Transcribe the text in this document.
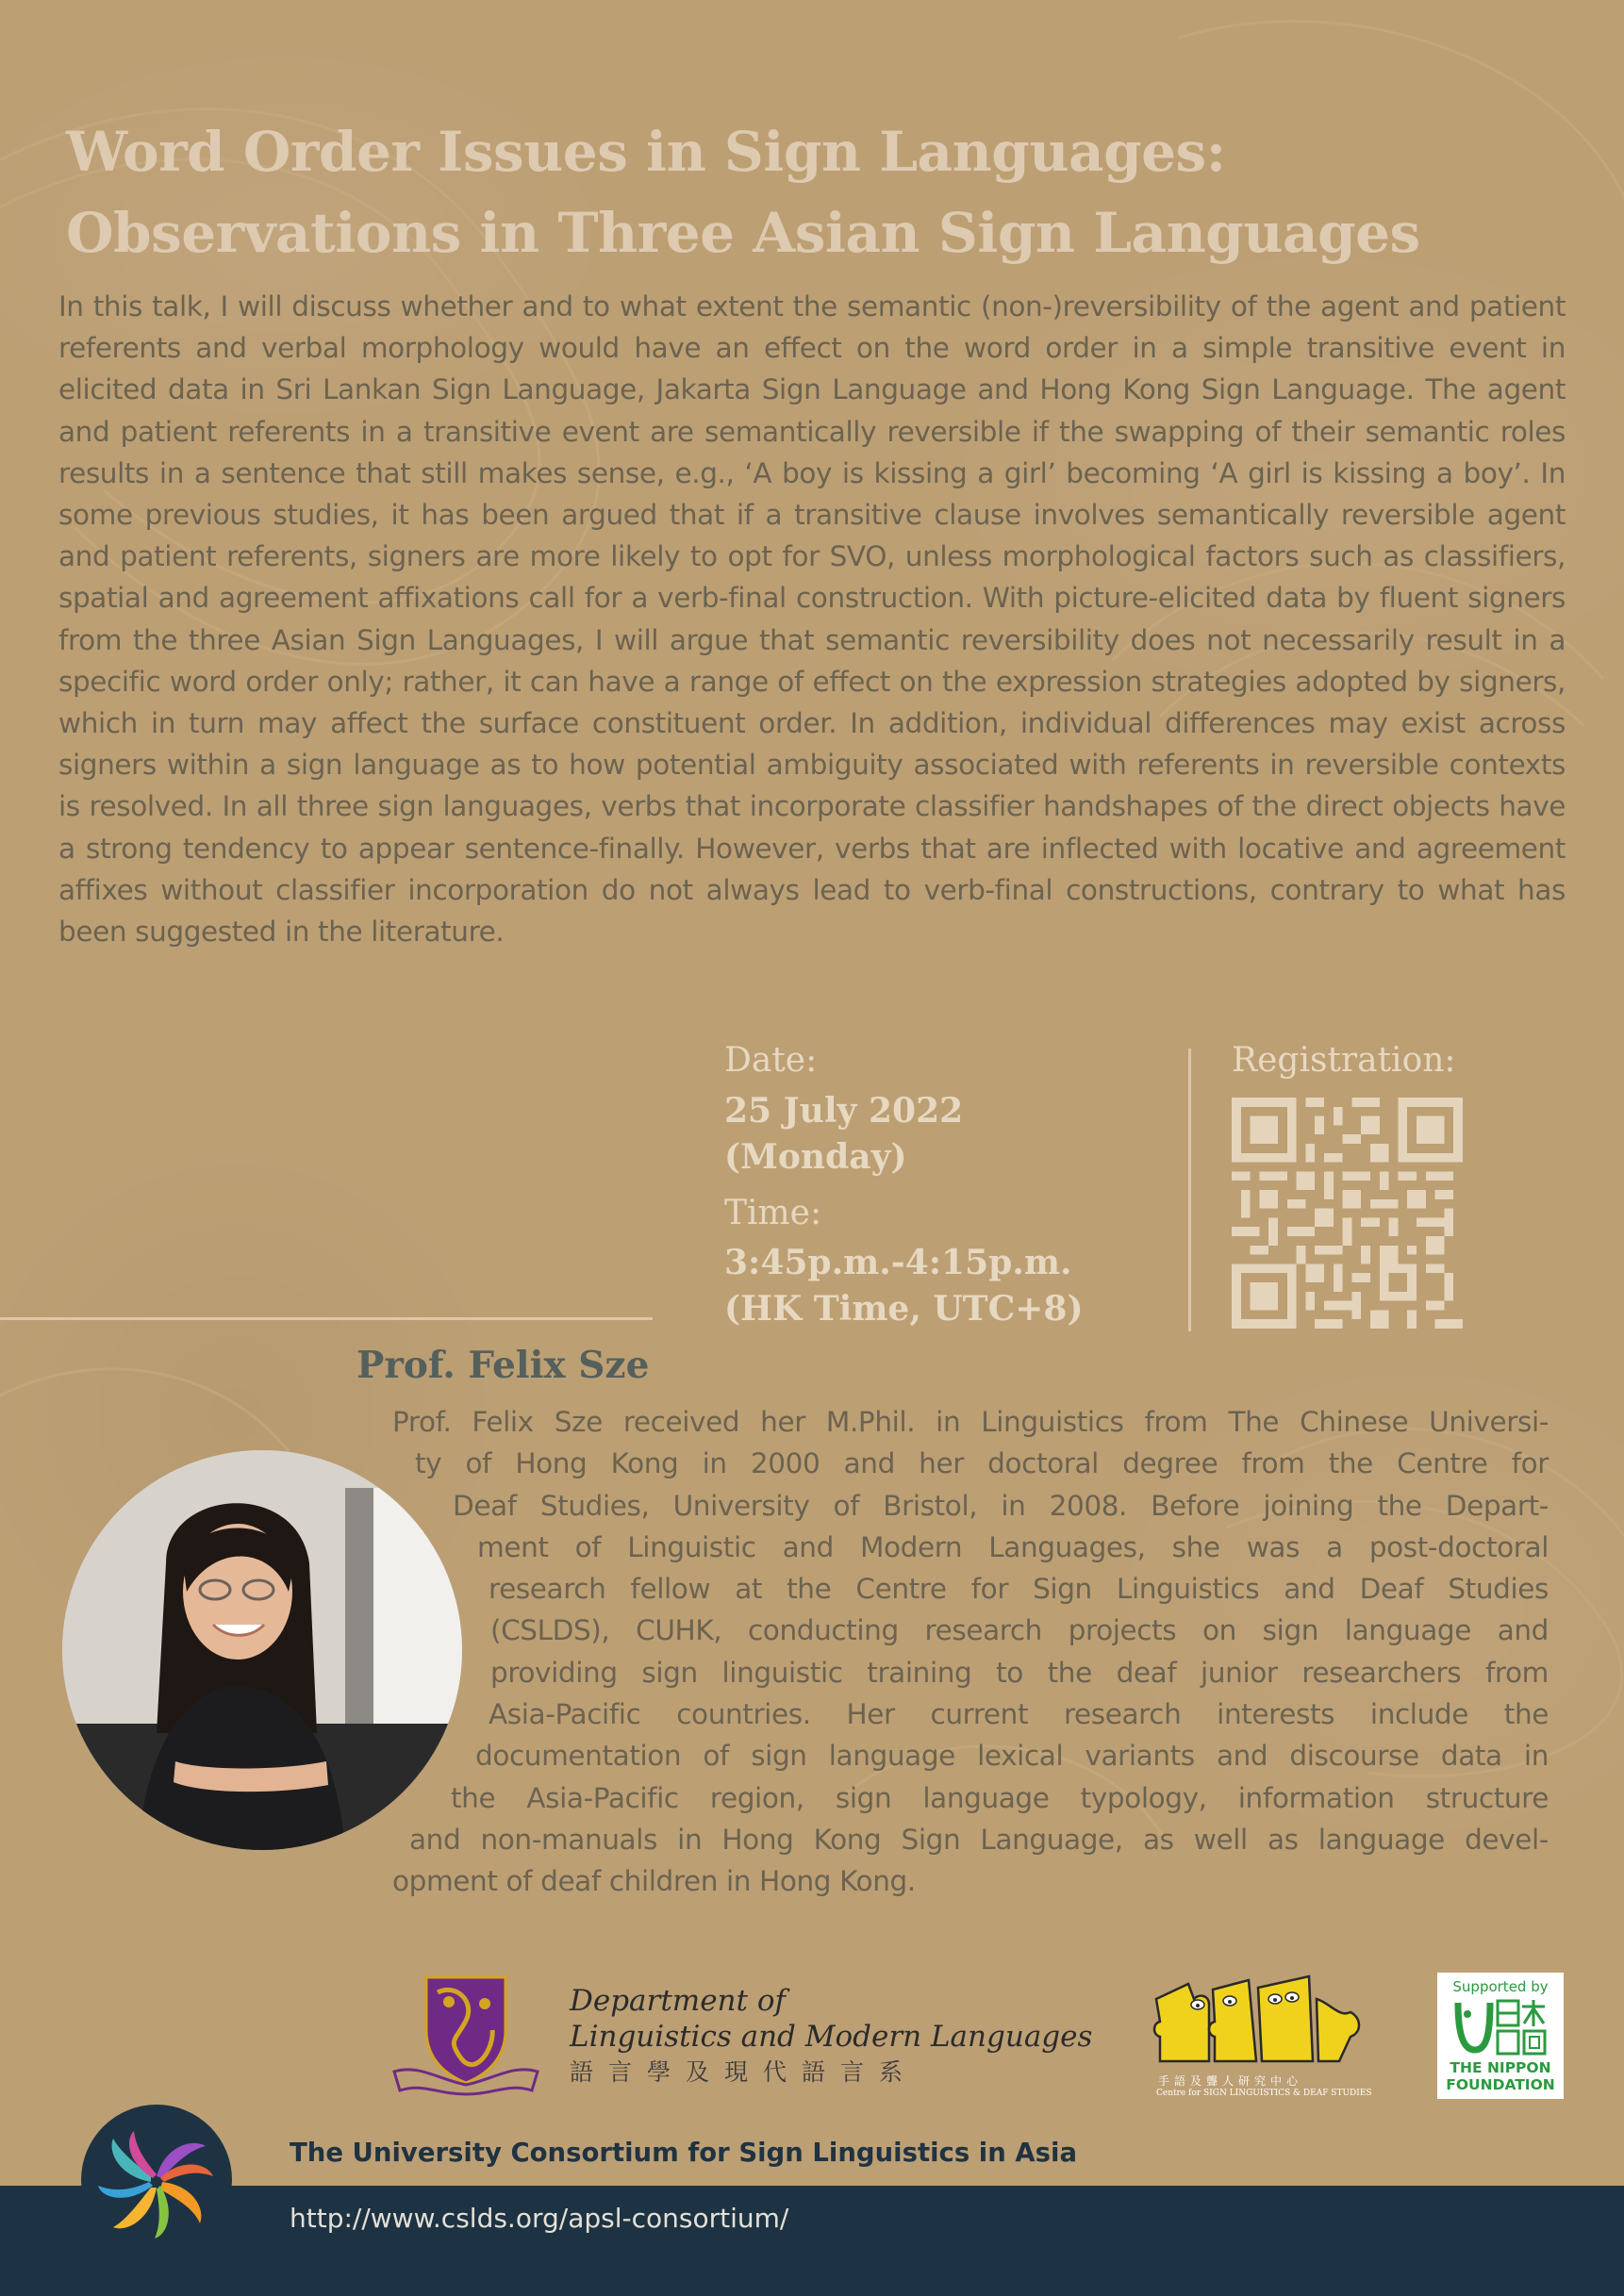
Word Order Issues in Sign Languages:
Observations in Three Asian Sign Languages

In this talk, I will discuss whether and to what extent the semantic (non-)reversibility of the agent and patient referents and verbal morphology would have an effect on the word order in a simple transitive event in elicited data in Sri Lankan Sign Language, Jakarta Sign Language and Hong Kong Sign Language. The agent and patient referents in a transitive event are semantically reversible if the swapping of their semantic roles results in a sentence that still makes sense, e.g., ‘A boy is kissing a girl’ becoming ‘A girl is kissing a boy’. In some previous studies, it has been argued that if a transitive clause involves semantically reversible agent and patient referents, signers are more likely to opt for SVO, unless morphological factors such as classifiers, spatial and agreement affixations call for a verb-final construction. With picture-elicited data by fluent signers from the three Asian Sign Languages, I will argue that semantic reversibility does not necessarily result in a specific word order only; rather, it can have a range of effect on the expression strategies adopted by signers, which in turn may affect the surface constituent order. In addition, individual differences may exist across signers within a sign language as to how potential ambiguity associated with referents in reversible contexts is resolved. In all three sign languages, verbs that incorporate classifier handshapes of the direct objects have a strong tendency to appear sentence-finally. However, verbs that are inflected with locative and agreement affixes without classifier incorporation do not always lead to verb-final constructions, contrary to what has been suggested in the literature.

Date:

25 July 2022
(Monday)

Time:

3:45p.m.-4:15p.m.
(HK Time, UTC+8)

Registration:

Prof. Felix Sze
Prof. Felix Sze received her M.Phil. in Linguistics from The Chinese Universi-
ty of Hong Kong in 2000 and her doctoral degree from the Centre for
Deaf Studies, University of Bristol, in 2008. Before joining the Depart-
ment of Linguistic and Modern Languages, she was a post-doctoral
research fellow at the Centre for Sign Linguistics and Deaf Studies
(CSLDS), CUHK, conducting research projects on sign language and
providing sign linguistic training to the deaf junior researchers from
Asia-Pacific countries. Her current research interests include the
documentation of sign language lexical variants and discourse data in
the Asia-Pacific region, sign language typology, information structure
and non-manuals in Hong Kong Sign Language, as well as language devel-
opment of deaf children in Hong Kong.

Department of

Linguistics and Modern Languages

語言學及現代語言系	手語及聾人研究中心

Centre for SIGN LINGUISTICS & DEAF STUDIES

Supported by

THE NIPPON
FOUNDATION

The University Consortium for Sign Linguistics in Asia

http://www.cslds.org/apsl-consortium/
